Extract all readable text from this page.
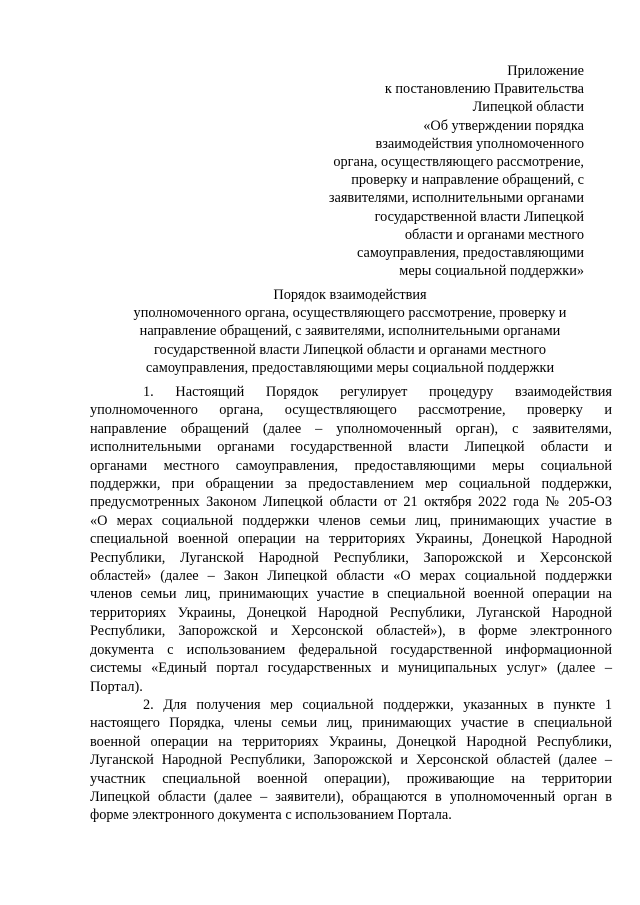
Приложение
к постановлению Правительства
Липецкой области
«Об утверждении порядка
взаимодействия уполномоченного
органа, осуществляющего рассмотрение,
проверку и направление обращений, с
заявителями, исполнительными органами
государственной власти Липецкой
области и органами местного
самоуправления, предоставляющими
меры социальной поддержки»
Порядок взаимодействия
уполномоченного органа, осуществляющего рассмотрение, проверку и
направление обращений, с заявителями, исполнительными органами
государственной власти Липецкой области и органами местного
самоуправления, предоставляющими меры социальной поддержки
1. Настоящий Порядок регулирует процедуру взаимодействия
уполномоченного органа, осуществляющего рассмотрение, проверку и
направление обращений (далее – уполномоченный орган), с заявителями,
исполнительными органами государственной власти Липецкой области и
органами местного самоуправления, предоставляющими меры социальной
поддержки, при обращении за предоставлением мер социальной поддержки,
предусмотренных Законом Липецкой области от 21 октября 2022 года № 205-ОЗ
«О мерах социальной поддержки членов семьи лиц, принимающих участие в
специальной военной операции на территориях Украины, Донецкой Народной
Республики, Луганской Народной Республики, Запорожской и Херсонской
областей» (далее – Закон Липецкой области «О мерах социальной поддержки
членов семьи лиц, принимающих участие в специальной военной операции на
территориях Украины, Донецкой Народной Республики, Луганской Народной
Республики, Запорожской и Херсонской областей»), в форме электронного
документа с использованием федеральной государственной информационной
системы «Единый портал государственных и муниципальных услуг» (далее –
Портал).
2. Для получения мер социальной поддержки, указанных в пункте 1
настоящего Порядка, члены семьи лиц, принимающих участие в специальной
военной операции на территориях Украины, Донецкой Народной Республики,
Луганской Народной Республики, Запорожской и Херсонской областей (далее –
участник специальной военной операции), проживающие на территории
Липецкой области (далее – заявители), обращаются в уполномоченный орган в
форме электронного документа с использованием Портала.
